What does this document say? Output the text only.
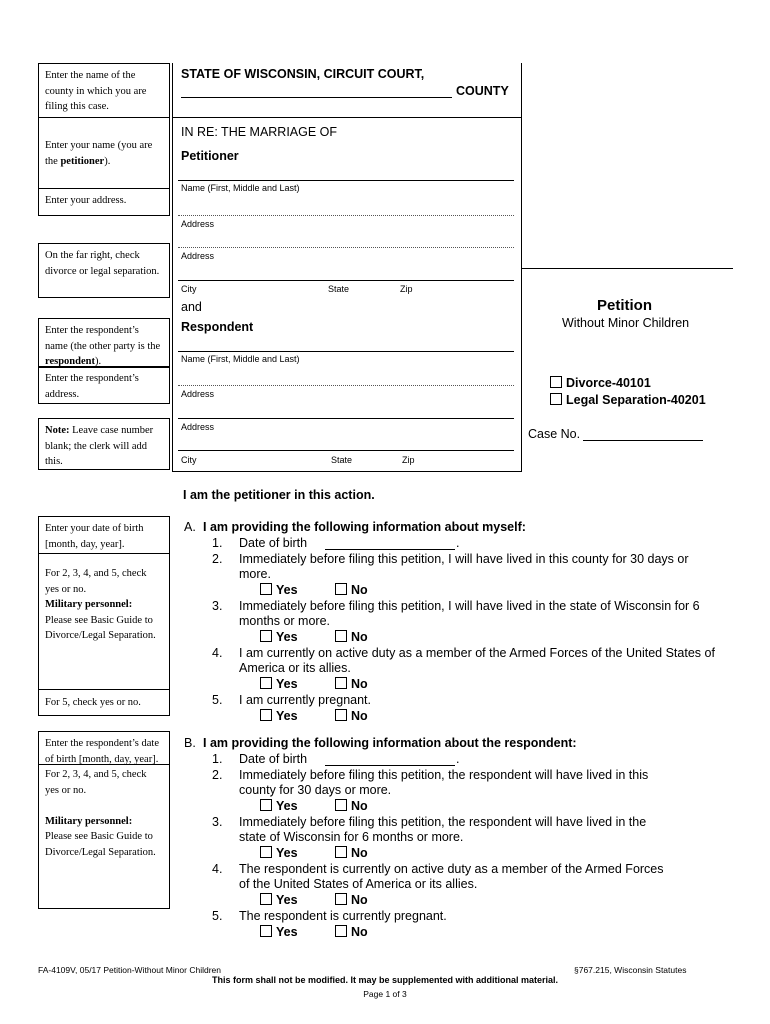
Enter the name of the county in which you are filing this case.
Enter your name (you are the petitioner).
Enter your address.
On the far right, check divorce or legal separation.
Enter the respondent’s name (the other party is the respondent).
Enter the respondent’s address.
Note: Leave case number blank; the clerk will add this.
Enter your date of birth [month, day, year].
For 2, 3, 4, and 5, check yes or no.
Military personnel:
Please see Basic Guide to Divorce/Legal Separation.
For 5, check yes or no.
Enter the respondent’s date of birth [month, day, year].
For 2, 3, 4, and 5, check yes or no.

Military personnel:
Please see Basic Guide to Divorce/Legal Separation.
STATE OF WISCONSIN, CIRCUIT COURT,
COUNTY
IN RE: THE MARRIAGE OF
Petitioner
Name (First, Middle and Last)
Address
Address
City	State	Zip
and
Respondent
Name (First, Middle and Last)
Address
Address
City	State	Zip
Petition
Without Minor Children
Divorce-40101
Legal Separation-40201
Case No.
I am the petitioner in this action.
A. I am providing the following information about myself:
1. Date of birth	.
2. Immediately before filing this petition, I will have lived in this county for 30 days or
more.
Yes	No
3. Immediately before filing this petition, I will have lived in the state of Wisconsin for 6
months or more.
Yes	No
4. I am currently on active duty as a member of the Armed Forces of the United States of
America or its allies.
Yes	No
5. I am currently pregnant.
Yes	No
B. I am providing the following information about the respondent:
1. Date of birth	.
2. Immediately before filing this petition, the respondent will have lived in this
county for 30 days or more.
Yes	No
3. Immediately before filing this petition, the respondent will have lived in the
state of Wisconsin for 6 months or more.
Yes	No
4. The respondent is currently on active duty as a member of the Armed Forces
of the United States of America or its allies.
Yes	No
5. The respondent is currently pregnant.
Yes	No
FA-4109V, 05/17 Petition-Without Minor Children	§767.215, Wisconsin Statutes
This form shall not be modified. It may be supplemented with additional material.
Page 1 of 3
